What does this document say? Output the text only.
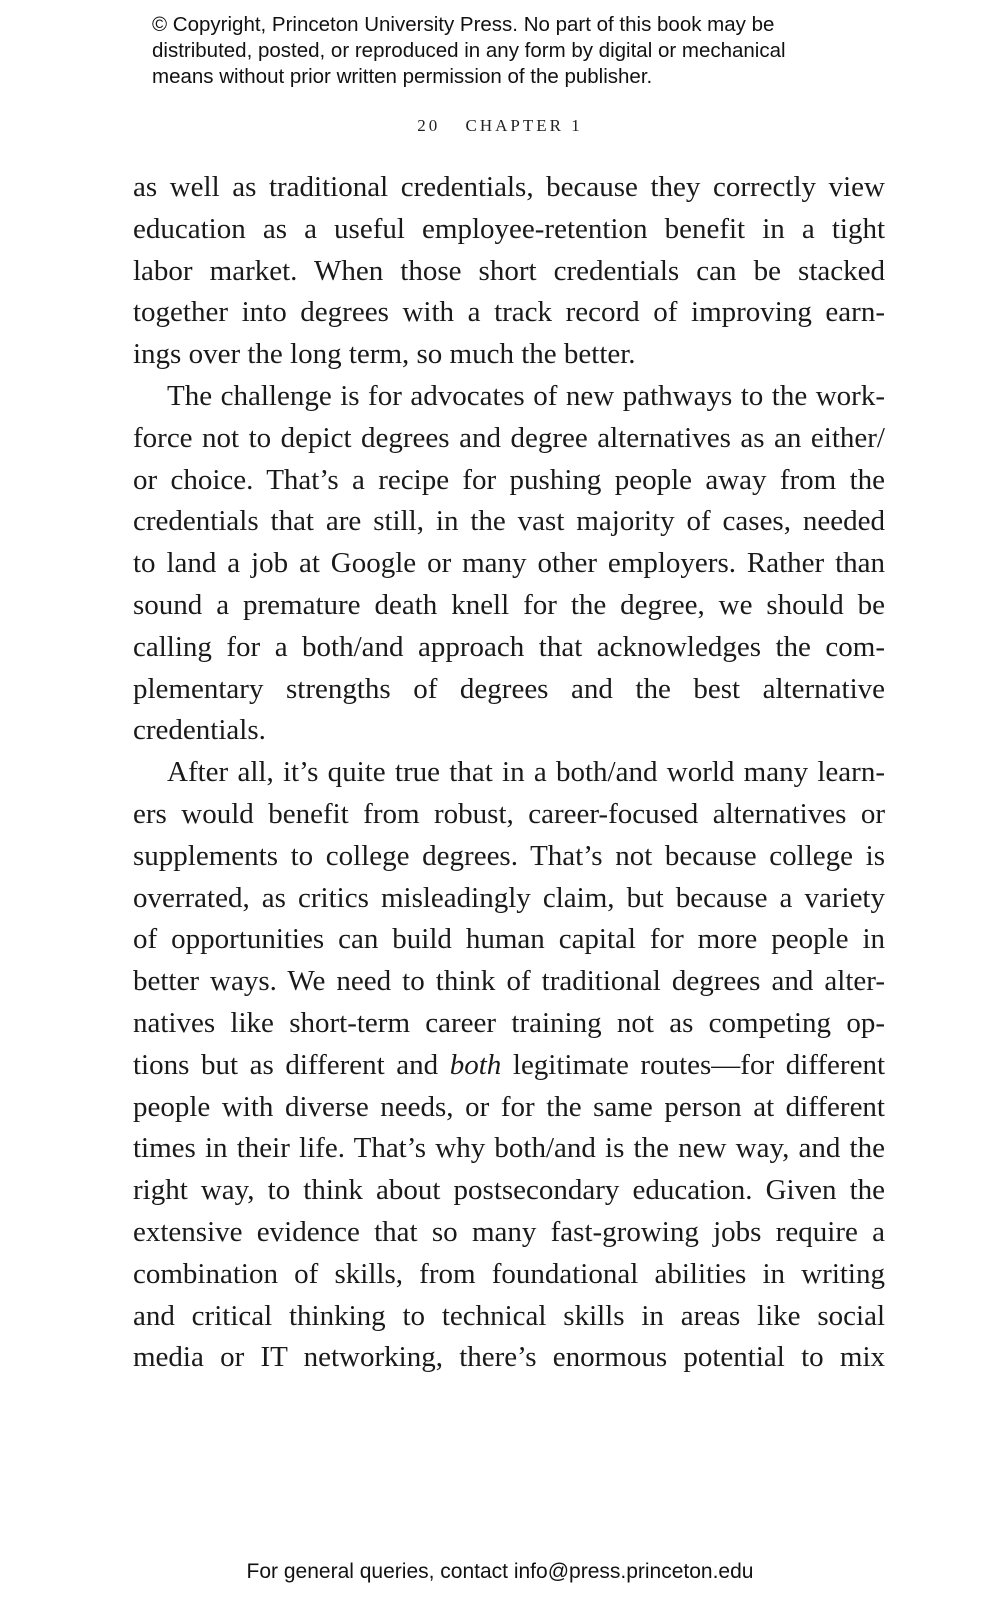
© Copyright, Princeton University Press. No part of this book may be
distributed, posted, or reproduced in any form by digital or mechanical
means without prior written permission of the publisher.
20 CHAPTER 1
as well as traditional credentials, because they correctly view
education as a useful employee-retention benefit in a tight
labor market. When those short credentials can be stacked
together into degrees with a track record of improving earn-
ings over the long term, so much the better.
The challenge is for advocates of new pathways to the work-
force not to depict degrees and degree alternatives as an either/
or choice. That’s a recipe for pushing people away from the
credentials that are still, in the vast majority of cases, needed
to land a job at Google or many other employers. Rather than
sound a premature death knell for the degree, we should be
calling for a both/and approach that acknowledges the com-
plementary strengths of degrees and the best alternative
credentials.
After all, it’s quite true that in a both/and world many learn-
ers would benefit from robust, career-focused alternatives or
supplements to college degrees. That’s not because college is
overrated, as critics misleadingly claim, but because a variety
of opportunities can build human capital for more people in
better ways. We need to think of traditional degrees and alter-
natives like short-term career training not as competing op-
tions but as different and both legitimate routes—for different
people with diverse needs, or for the same person at different
times in their life. That’s why both/and is the new way, and the
right way, to think about postsecondary education. Given the
extensive evidence that so many fast-growing jobs require a
combination of skills, from foundational abilities in writing
and critical thinking to technical skills in areas like social
media or IT networking, there’s enormous potential to mix
For general queries, contact info@press.princeton.edu
